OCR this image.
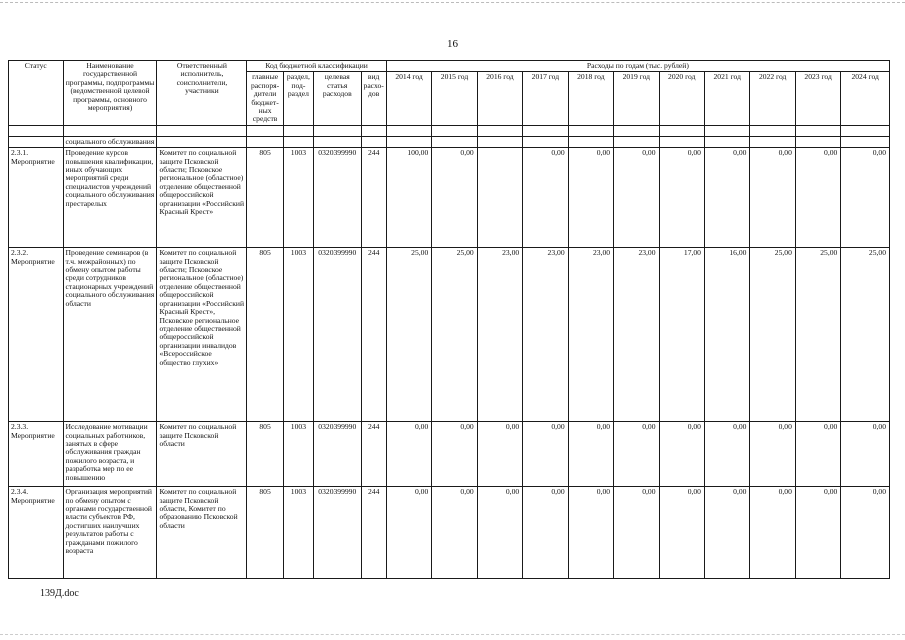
16
Статус	Наименование государственной программы, подпрограммы (ведомственной целевой программы, основного мероприятия)	Ответственный исполнитель, соисполнители, участники	Код бюджетной классификации				Расходы по годам (тыс. рублей)										
			главные распоря-дители бюджет-ных средств	раздел, под-раздел	целевая статья расходов	вид расхо-дов	2014 год	2015 год	2016 год	2017 год	2018 год	2019 год	2020 год	2021 год	2022 год	2023 год	2024 год

	социального обслуживания																
2.3.1. Мероприятие	Проведение курсов повышения квалификации, иных обучающих мероприятий среди специалистов учреждений социального обслуживания престарелых	Комитет по социальной защите Псковской области; Псковское региональное (областное) отделение общественной общероссийской организации «Российский Красный Крест»	805	1003	0320399990	244	100,00	0,00		0,00	0,00	0,00	0,00	0,00	0,00	0,00	0,00
2.3.2. Мероприятие	Проведение семинаров (в т.ч. межрайонных) по обмену опытом работы среди сотрудников стационарных учреждений социального обслуживания области	Комитет по социальной защите Псковской области; Псковское региональное (областное) отделение общественной общероссийской организации «Российский Красный Крест», Псковское региональное отделение общественной общероссийской организации инвалидов «Всероссийское общество глухих»	805	1003	0320399990	244	25,00	25,00	23,00	23,00	23,00	23,00	17,00	16,00	25,00	25,00	25,00
2.3.3. Мероприятие	Исследование мотивации социальных работников, занятых в сфере обслуживания граждан пожилого возраста, и разработка мер по ее повышению	Комитет по социальной защите Псковской области	805	1003	0320399990	244	0,00	0,00	0,00	0,00	0,00	0,00	0,00	0,00	0,00	0,00	0,00
2.3.4. Мероприятие	Организация мероприятий по обмену опытом с органами государственной власти субъектов РФ, достигших наилучших результатов работы с гражданами пожилого возраста	Комитет по социальной защите Псковской области, Комитет по образованию Псковской области	805	1003	0320399990	244	0,00	0,00	0,00	0,00	0,00	0,00	0,00	0,00	0,00	0,00	0,00
139Д.doc
